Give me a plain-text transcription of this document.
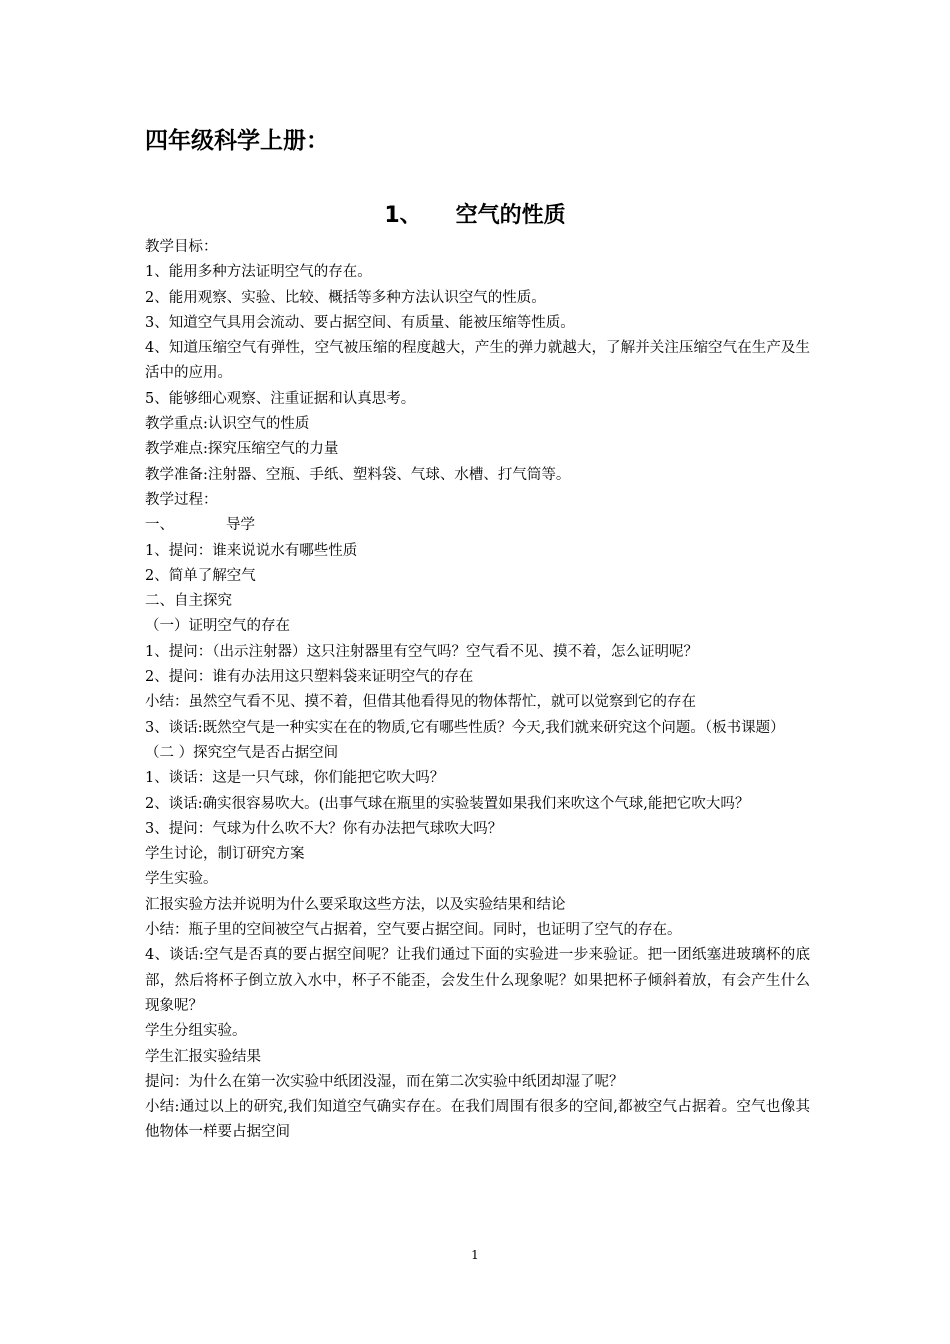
四年级科学上册：
1、 空气的性质

教学目标：

1、能用多种方法证明空气的存在。

2、能用观察、实验、比较、概括等多种方法认识空气的性质。

3、知道空气具用会流动、要占据空间、有质量、能被压缩等性质。

4、知道压缩空气有弹性，空气被压缩的程度越大，产生的弹力就越大，了解并关注压缩空气在生产及生活中的应用。

5、能够细心观察、注重证据和认真思考。

教学重点:认识空气的性质

教学难点:探究压缩空气的力量

教学准备:注射器、空瓶、手纸、塑料袋、气球、水槽、打气筒等。

教学过程：

一、	导学

1、提问：谁来说说水有哪些性质

2、简单了解空气

二、自主探究

（一）证明空气的存在

1、提问：（出示注射器）这只注射器里有空气吗？空气看不见、摸不着，怎么证明呢？

2、提问：谁有办法用这只塑料袋来证明空气的存在

小结：虽然空气看不见、摸不着，但借其他看得见的物体帮忙，就可以觉察到它的存在

3、谈话:既然空气是一种实实在在的物质,它有哪些性质？今天,我们就来研究这个问题。（板书课题）

（二 ）探究空气是否占据空间

1、谈话：这是一只气球，你们能把它吹大吗？

2、谈话:确实很容易吹大。(出事气球在瓶里的实验装置如果我们来吹这个气球,能把它吹大吗？

3、提问：气球为什么吹不大？你有办法把气球吹大吗？

学生讨论，制订研究方案

学生实验。

汇报实验方法并说明为什么要采取这些方法，以及实验结果和结论

小结：瓶子里的空间被空气占据着，空气要占据空间。同时，也证明了空气的存在。

4、谈话:空气是否真的要占据空间呢？让我们通过下面的实验进一步来验证。把一团纸塞进玻璃杯的底部，然后将杯子倒立放入水中，杯子不能歪，会发生什么现象呢？如果把杯子倾斜着放，有会产生什么现象呢？

学生分组实验。

学生汇报实验结果

提问：为什么在第一次实验中纸团没湿，而在第二次实验中纸团却湿了呢？

小结:通过以上的研究,我们知道空气确实存在。在我们周围有很多的空间,都被空气占据着。空气也像其他物体一样要占据空间

1
